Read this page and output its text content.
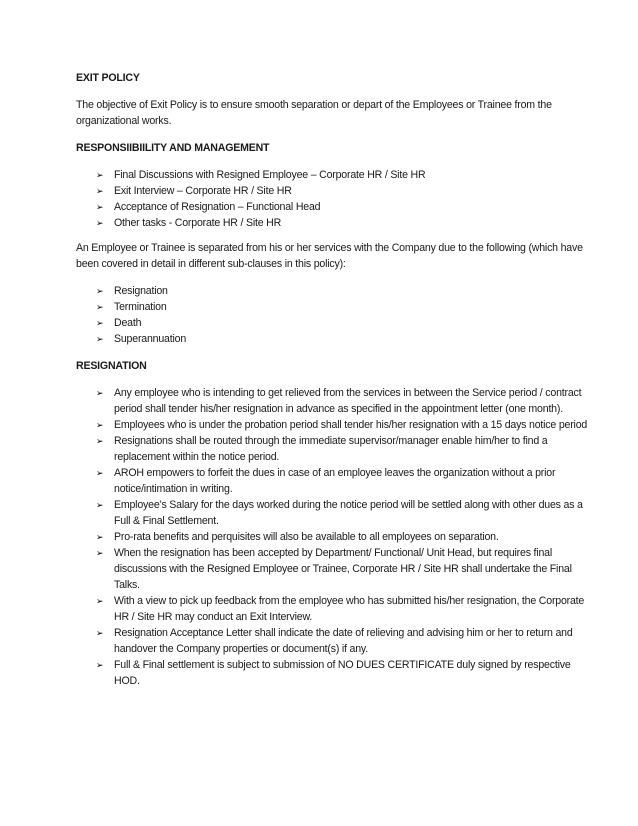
EXIT POLICY

The objective of Exit Policy is to ensure smooth separation or depart of the Employees or Trainee from the organizational works.

RESPONSIIBIILITY AND MANAGEMENT

➢ Final Discussions with Resigned Employee – Corporate HR / Site HR
➢ Exit Interview – Corporate HR / Site HR
➢ Acceptance of Resignation – Functional Head
➢ Other tasks - Corporate HR / Site HR

An Employee or Trainee is separated from his or her services with the Company due to the following (which have been covered in detail in different sub-clauses in this policy):

➢ Resignation
➢ Termination
➢ Death
➢ Superannuation

RESIGNATION

➢ Any employee who is intending to get relieved from the services in between the Service period / contract period shall tender his/her resignation in advance as specified in the appointment letter (one month).
➢ Employees who is under the probation period shall tender his/her resignation with a 15 days notice period
➢ Resignations shall be routed through the immediate supervisor/manager enable him/her to find a replacement within the notice period.
➢ AROH empowers to forfeit the dues in case of an employee leaves the organization without a prior notice/intimation in writing.
➢ Employee’s Salary for the days worked during the notice period will be settled along with other dues as a Full & Final Settlement.
➢ Pro-rata benefits and perquisites will also be available to all employees on separation.
➢ When the resignation has been accepted by Department/ Functional/ Unit Head, but requires final discussions with the Resigned Employee or Trainee, Corporate HR / Site HR shall undertake the Final Talks.
➢ With a view to pick up feedback from the employee who has submitted his/her resignation, the Corporate HR / Site HR may conduct an Exit Interview.
➢ Resignation Acceptance Letter shall indicate the date of relieving and advising him or her to return and handover the Company properties or document(s) if any.
➢ Full & Final settlement is subject to submission of NO DUES CERTIFICATE duly signed by respective HOD.
